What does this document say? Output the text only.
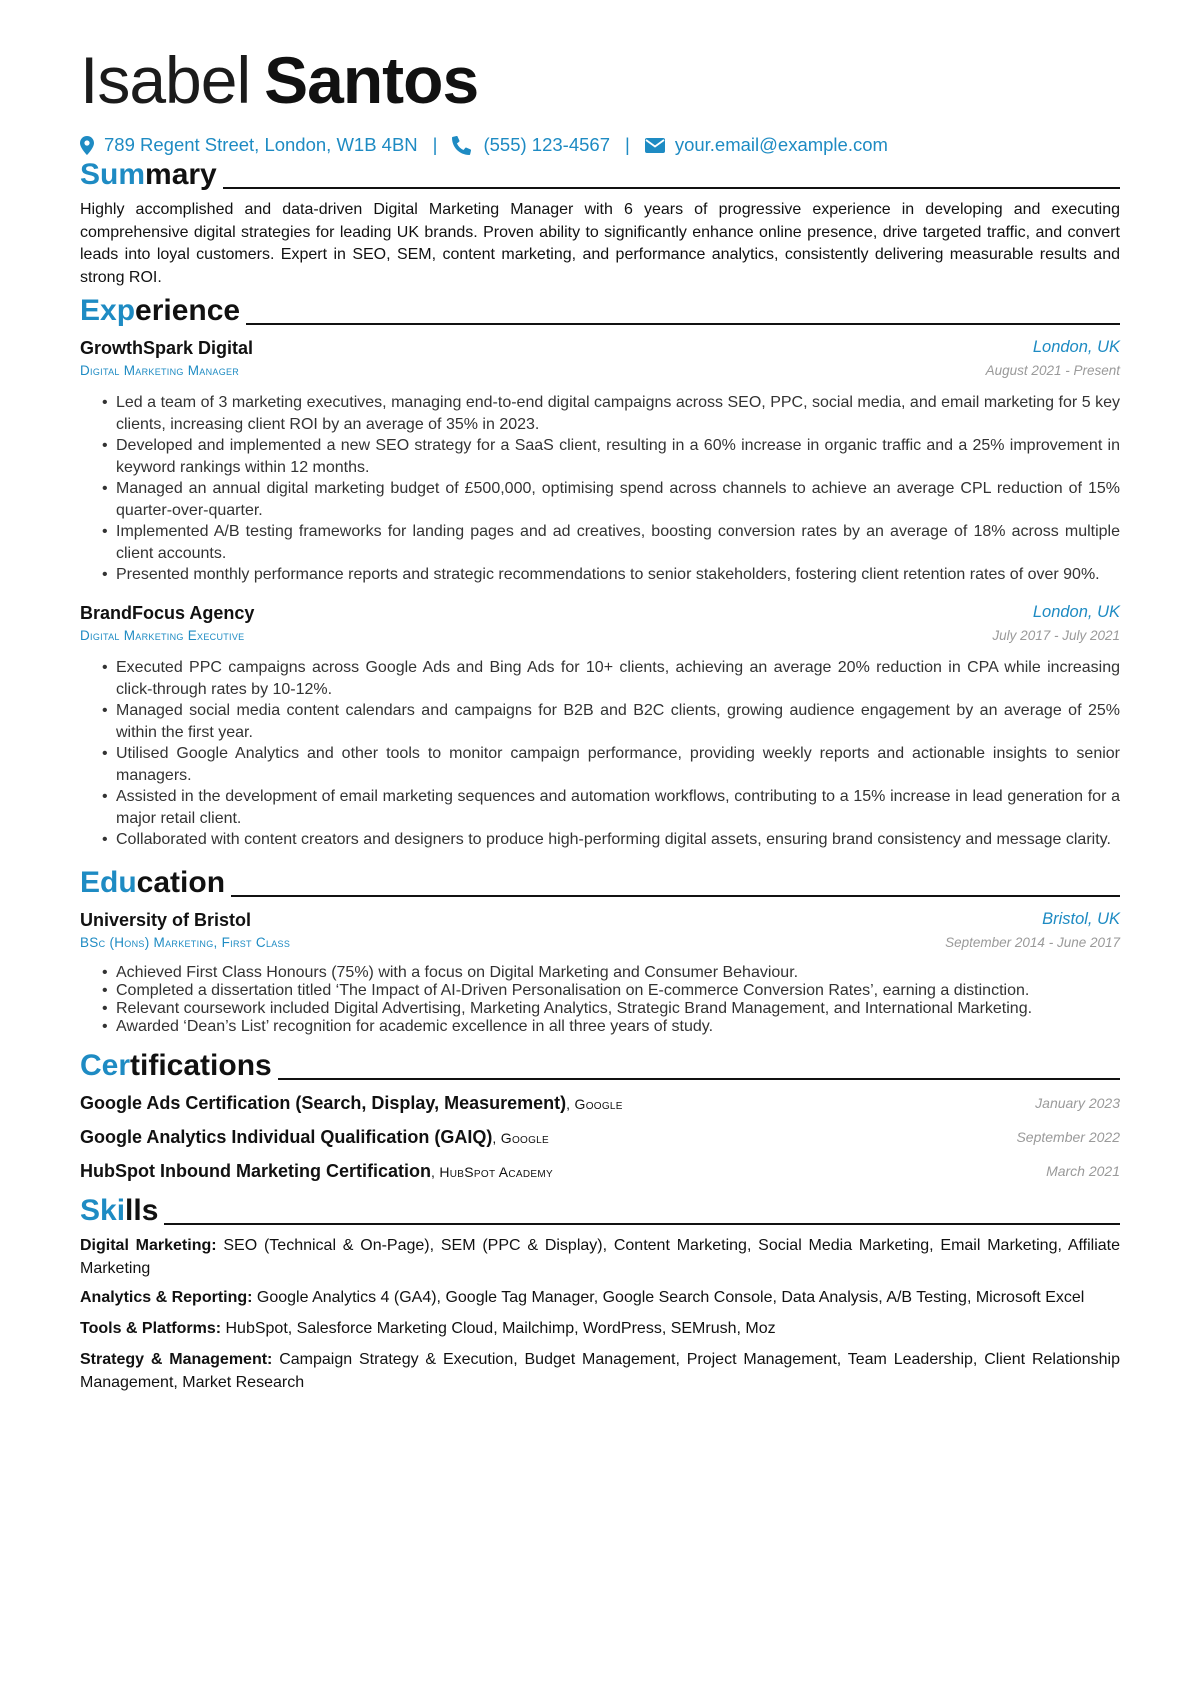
Isabel Santos
789 Regent Street, London, W1B 4BN | (555) 123-4567 | your.email@example.com
Summary
Highly accomplished and data-driven Digital Marketing Manager with 6 years of progressive experience in developing and executing comprehensive digital strategies for leading UK brands. Proven ability to significantly enhance online presence, drive targeted traffic, and convert leads into loyal customers. Expert in SEO, SEM, content marketing, and performance analytics, consistently delivering measurable results and strong ROI.
Experience
GrowthSpark Digital	London, UK
Digital Marketing Manager	August 2021 - Present
• Led a team of 3 marketing executives, managing end-to-end digital campaigns across SEO, PPC, social media, and email marketing for 5 key clients, increasing client ROI by an average of 35% in 2023.
• Developed and implemented a new SEO strategy for a SaaS client, resulting in a 60% increase in organic traffic and a 25% improvement in keyword rankings within 12 months.
• Managed an annual digital marketing budget of £500,000, optimising spend across channels to achieve an average CPL reduction of 15% quarter-over-quarter.
• Implemented A/B testing frameworks for landing pages and ad creatives, boosting conversion rates by an average of 18% across multiple client accounts.
• Presented monthly performance reports and strategic recommendations to senior stakeholders, fostering client retention rates of over 90%.
BrandFocus Agency	London, UK
Digital Marketing Executive	July 2017 - July 2021
• Executed PPC campaigns across Google Ads and Bing Ads for 10+ clients, achieving an average 20% reduction in CPA while increasing click-through rates by 10-12%.
• Managed social media content calendars and campaigns for B2B and B2C clients, growing audience engagement by an average of 25% within the first year.
• Utilised Google Analytics and other tools to monitor campaign performance, providing weekly reports and actionable insights to senior managers.
• Assisted in the development of email marketing sequences and automation workflows, contributing to a 15% increase in lead generation for a major retail client.
• Collaborated with content creators and designers to produce high-performing digital assets, ensuring brand consistency and message clarity.
Education
University of Bristol	Bristol, UK
BSc (Hons) Marketing, First Class	September 2014 - June 2017
• Achieved First Class Honours (75%) with a focus on Digital Marketing and Consumer Behaviour.
• Completed a dissertation titled ‘The Impact of AI-Driven Personalisation on E-commerce Conversion Rates’, earning a distinction.
• Relevant coursework included Digital Advertising, Marketing Analytics, Strategic Brand Management, and International Marketing.
• Awarded ‘Dean’s List’ recognition for academic excellence in all three years of study.
Certifications
Google Ads Certification (Search, Display, Measurement), Google	January 2023
Google Analytics Individual Qualification (GAIQ), Google	September 2022
HubSpot Inbound Marketing Certification, HubSpot Academy	March 2021
Skills
Digital Marketing: SEO (Technical & On-Page), SEM (PPC & Display), Content Marketing, Social Media Marketing, Email Marketing, Affiliate Marketing
Analytics & Reporting: Google Analytics 4 (GA4), Google Tag Manager, Google Search Console, Data Analysis, A/B Testing, Microsoft Excel
Tools & Platforms: HubSpot, Salesforce Marketing Cloud, Mailchimp, WordPress, SEMrush, Moz
Strategy & Management: Campaign Strategy & Execution, Budget Management, Project Management, Team Leadership, Client Relationship Management, Market Research
